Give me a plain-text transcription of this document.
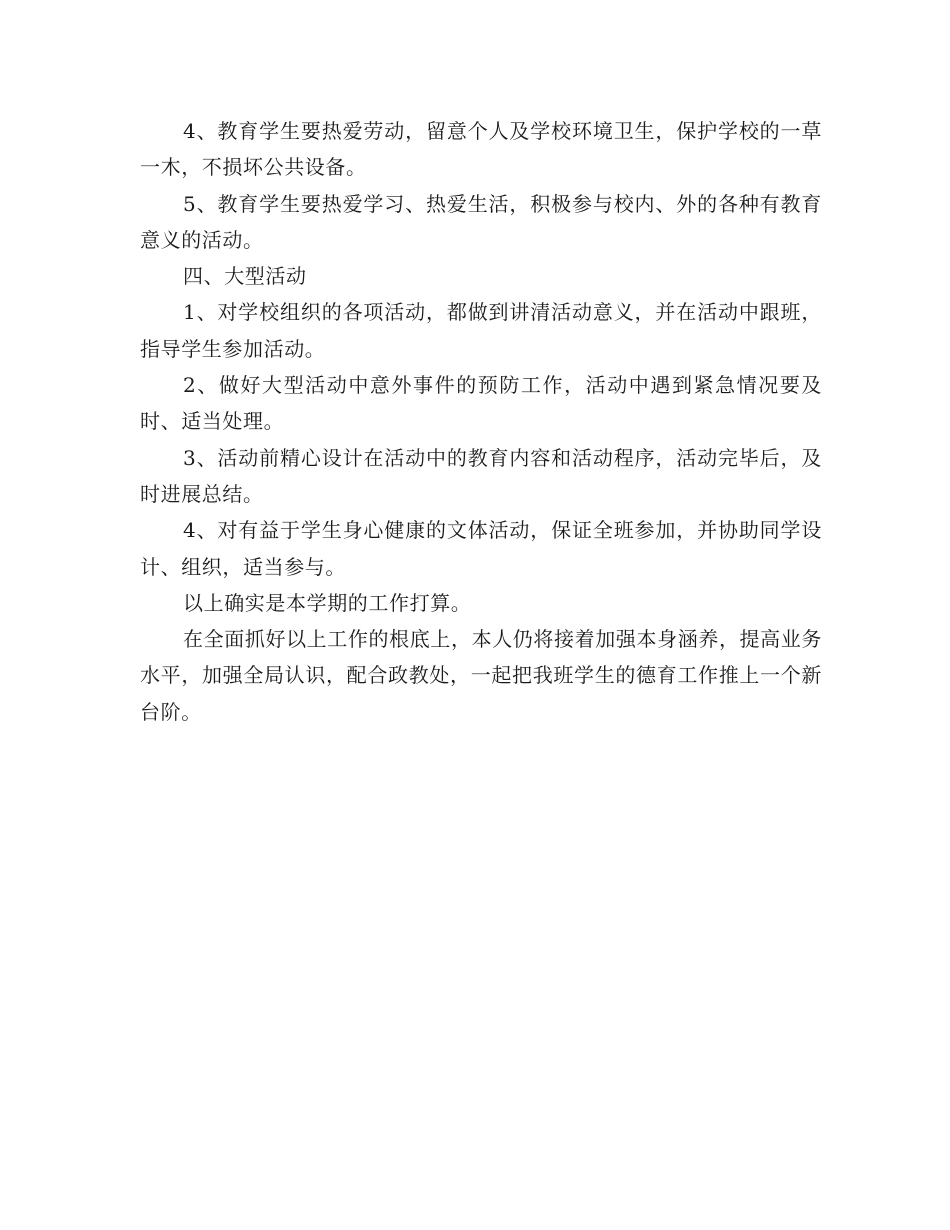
4、教育学生要热爱劳动，留意个人及学校环境卫生，保护学校的一草一木，不损坏公共设备。

5、教育学生要热爱学习、热爱生活，积极参与校内、外的各种有教育意义的活动。

四、大型活动

1、对学校组织的各项活动，都做到讲清活动意义，并在活动中跟班，指导学生参加活动。

2、做好大型活动中意外事件的预防工作，活动中遇到紧急情况要及时、适当处理。

3、活动前精心设计在活动中的教育内容和活动程序，活动完毕后，及时进展总结。

4、对有益于学生身心健康的文体活动，保证全班参加，并协助同学设计、组织，适当参与。

以上确实是本学期的工作打算。

在全面抓好以上工作的根底上，本人仍将接着加强本身涵养，提高业务水平，加强全局认识，配合政教处，一起把我班学生的德育工作推上一个新台阶。
